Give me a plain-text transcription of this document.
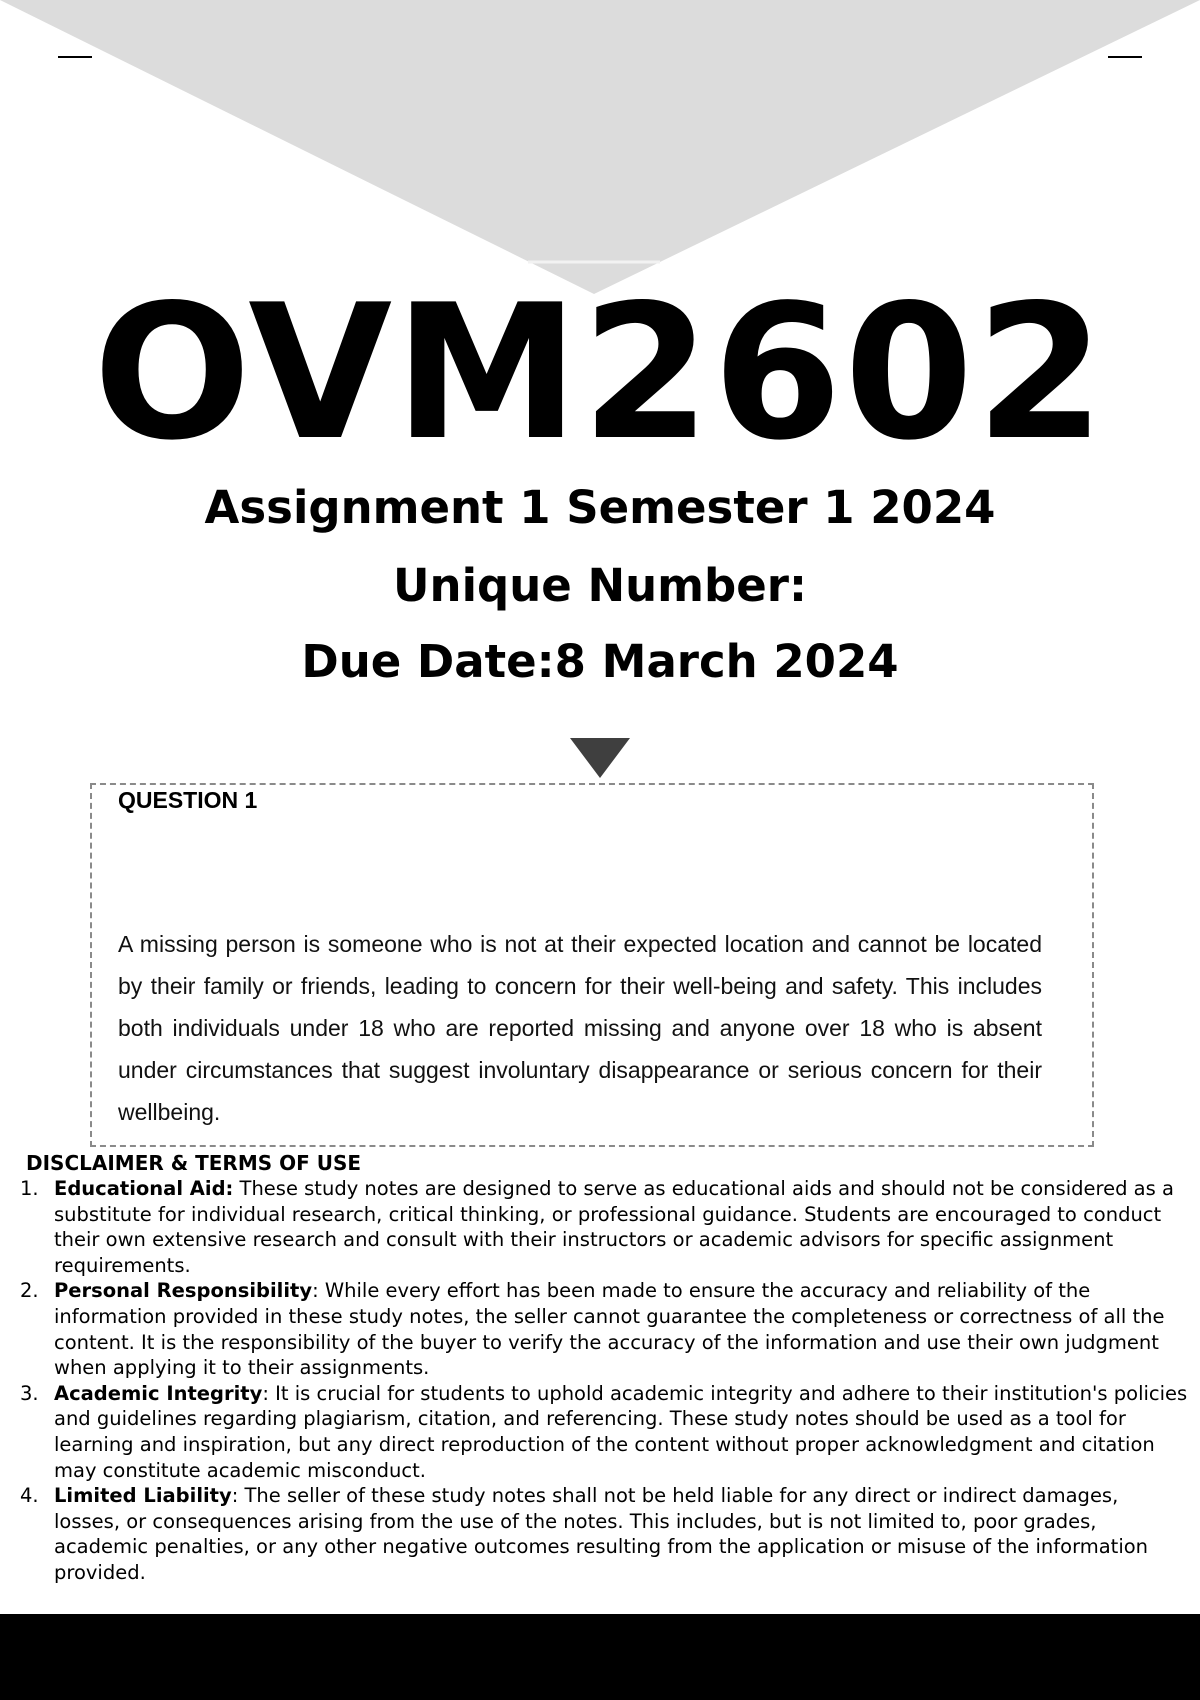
OVM2602
Assignment 1 Semester 1 2024
Unique Number:
Due Date:8 March 2024
QUESTION 1
A missing person is someone who is not at their expected location and cannot be located by their family or friends, leading to concern for their well-being and safety. This includes both individuals under 18 who are reported missing and anyone over 18 who is absent under circumstances that suggest involuntary disappearance or serious concern for their wellbeing.
DISCLAIMER & TERMS OF USE
1. Educational Aid: These study notes are designed to serve as educational aids and should not be considered as a substitute for individual research, critical thinking, or professional guidance. Students are encouraged to conduct their own extensive research and consult with their instructors or academic advisors for specific assignment requirements.
2. Personal Responsibility: While every effort has been made to ensure the accuracy and reliability of the information provided in these study notes, the seller cannot guarantee the completeness or correctness of all the content. It is the responsibility of the buyer to verify the accuracy of the information and use their own judgment when applying it to their assignments.
3. Academic Integrity: It is crucial for students to uphold academic integrity and adhere to their institution's policies and guidelines regarding plagiarism, citation, and referencing. These study notes should be used as a tool for learning and inspiration, but any direct reproduction of the content without proper acknowledgment and citation may constitute academic misconduct.
4. Limited Liability: The seller of these study notes shall not be held liable for any direct or indirect damages, losses, or consequences arising from the use of the notes. This includes, but is not limited to, poor grades, academic penalties, or any other negative outcomes resulting from the application or misuse of the information provided.
